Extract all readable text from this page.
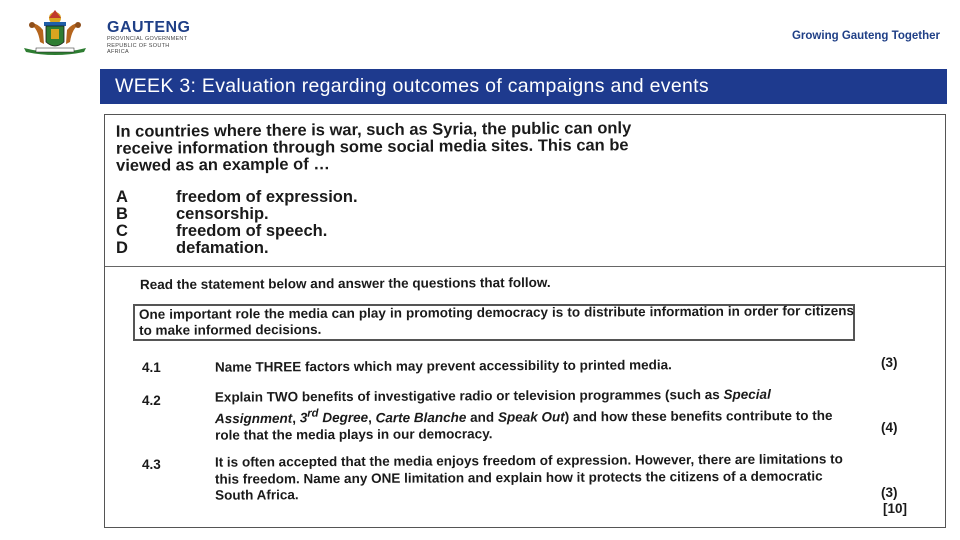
GAUTENG
PROVINCIAL GOVERNMENT
REPUBLIC OF SOUTH AFRICA
Growing Gauteng Together
WEEK 3: Evaluation regarding outcomes of campaigns and events
In countries where there is war, such as Syria, the public can only
receive information through some social media sites. This can be
viewed as an example of …
A	freedom of expression.
B	censorship.
C	freedom of speech.
D	defamation.
Read the statement below and answer the questions that follow.
One important role the media can play in promoting democracy is to distribute information in order for citizens to make informed decisions.
4.1	Name THREE factors which may prevent accessibility to printed media.	(3)
4.2	Explain TWO benefits of investigative radio or television programmes (such as Special Assignment, 3rd Degree, Carte Blanche and Speak Out) and how these benefits contribute to the role that the media plays in our democracy.	(4)
4.3	It is often accepted that the media enjoys freedom of expression. However, there are limitations to this freedom. Name any ONE limitation and explain how it protects the citizens of a democratic South Africa.	(3)
[10]
